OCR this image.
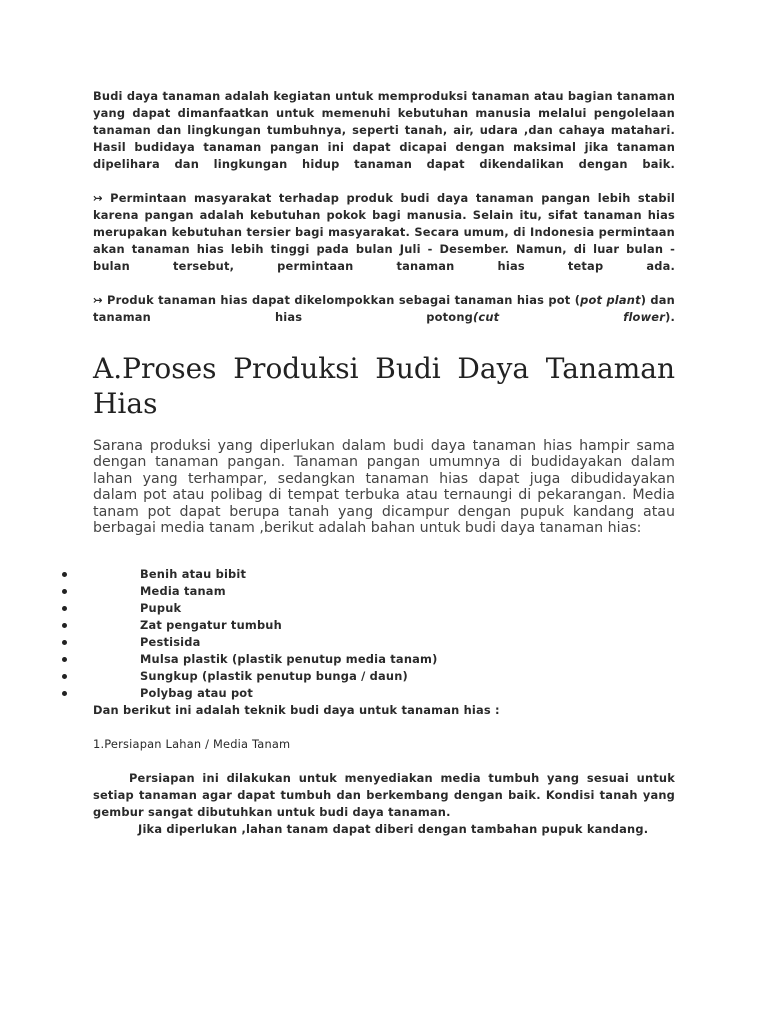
Budi daya tanaman adalah kegiatan untuk memproduksi tanaman atau bagian tanaman yang dapat dimanfaatkan untuk memenuhi kebutuhan manusia melalui pengolelaan tanaman dan lingkungan tumbuhnya, seperti tanah, air, udara ,dan cahaya matahari. Hasil budidaya tanaman pangan ini dapat dicapai dengan maksimal jika tanaman dipelihara dan lingkungan hidup tanaman dapat dikendalikan dengan baik.

↣ Permintaan masyarakat terhadap produk budi daya tanaman pangan lebih stabil karena pangan adalah kebutuhan pokok bagi manusia. Selain itu, sifat tanaman hias merupakan kebutuhan tersier bagi masyarakat. Secara umum, di Indonesia permintaan akan tanaman hias lebih tinggi pada bulan Juli - Desember. Namun, di luar bulan - bulan tersebut, permintaan tanaman hias tetap ada.

↣ Produk tanaman hias dapat dikelompokkan sebagai tanaman hias pot (pot plant) dan tanaman hias potong(cut flower).

A.Proses Produksi Budi Daya Tanaman Hias

Sarana produksi yang diperlukan dalam budi daya tanaman hias hampir sama dengan tanaman pangan. Tanaman pangan umumnya di budidayakan dalam lahan yang terhampar, sedangkan tanaman hias dapat juga dibudidayakan dalam pot atau polibag di tempat terbuka atau ternaungi di pekarangan. Media tanam pot dapat berupa tanah yang dicampur dengan pupuk kandang atau berbagai media tanam ,berikut adalah bahan untuk budi daya tanaman hias:

Benih atau bibit
Media tanam
Pupuk
Zat pengatur tumbuh
Pestisida
Mulsa plastik (plastik penutup media tanam)
Sungkup (plastik penutup bunga / daun)
Polybag atau pot

Dan berikut ini adalah teknik budi daya untuk tanaman hias :

1.Persiapan Lahan / Media Tanam

Persiapan ini dilakukan untuk menyediakan media tumbuh yang sesuai untuk setiap tanaman agar dapat tumbuh dan berkembang dengan baik. Kondisi tanah yang gembur sangat dibutuhkan untuk budi daya tanaman.

Jika diperlukan ,lahan tanam dapat diberi dengan tambahan pupuk kandang.
